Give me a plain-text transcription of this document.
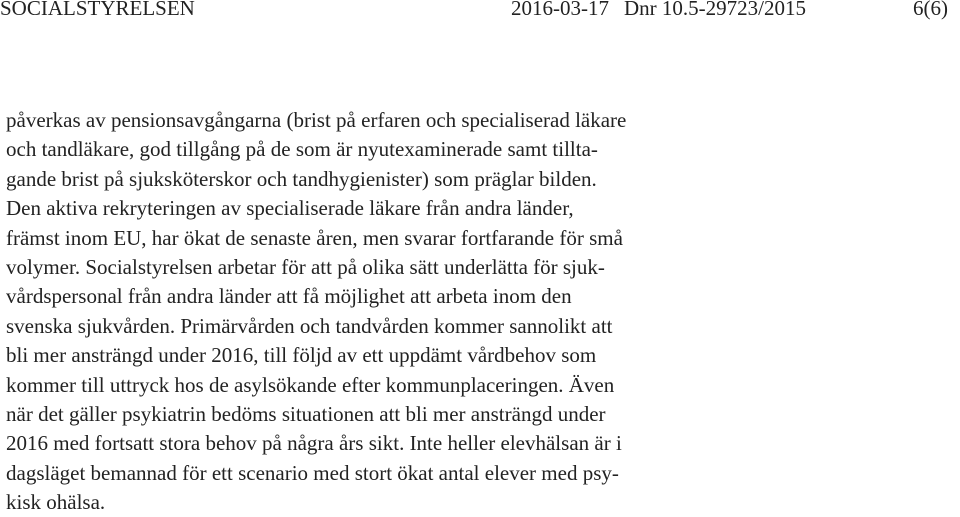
SOCIALSTYRELSEN	2016-03-17 Dnr 10.5-29723/2015	6(6)
påverkas av pensionsavgångarna (brist på erfaren och specialiserad läkare
och tandläkare, god tillgång på de som är nyutexaminerade samt tillta-
gande brist på sjuksköterskor och tandhygienister) som präglar bilden.
Den aktiva rekryteringen av specialiserade läkare från andra länder,
främst inom EU, har ökat de senaste åren, men svarar fortfarande för små
volymer. Socialstyrelsen arbetar för att på olika sätt underlätta för sjuk-
vårdspersonal från andra länder att få möjlighet att arbeta inom den
svenska sjukvården. Primärvården och tandvården kommer sannolikt att
bli mer ansträngd under 2016, till följd av ett uppdämt vårdbehov som
kommer till uttryck hos de asylsökande efter kommunplaceringen. Även
när det gäller psykiatrin bedöms situationen att bli mer ansträngd under
2016 med fortsatt stora behov på några års sikt. Inte heller elevhälsan är i
dagsläget bemannad för ett scenario med stort ökat antal elever med psy-
kisk ohälsa.
